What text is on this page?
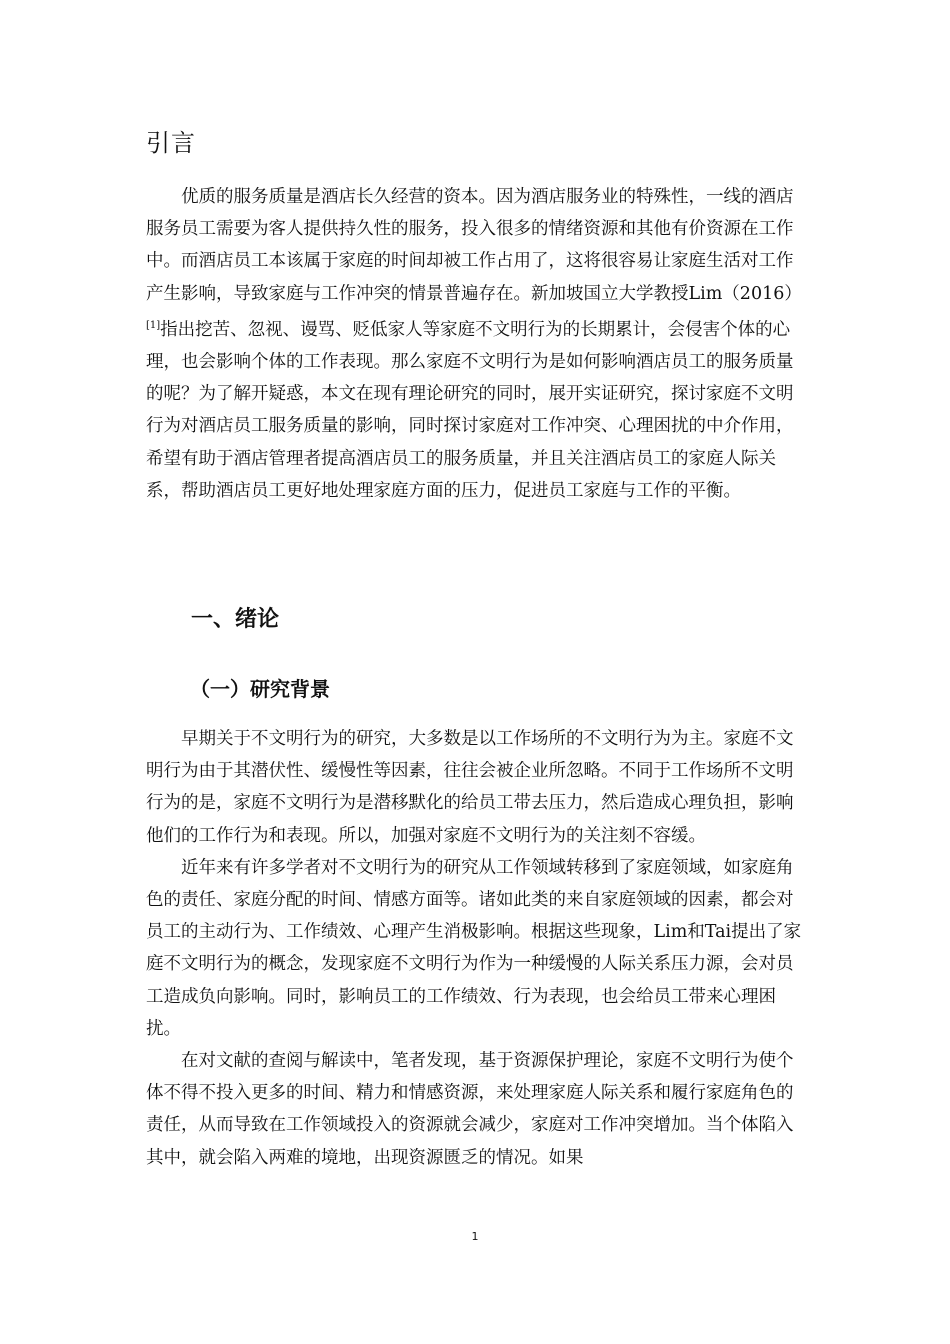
引言

优质的服务质量是酒店长久经营的资本。因为酒店服务业的特殊性，一线的酒店服务员工需要为客人提供持久性的服务，投入很多的情绪资源和其他有价资源在工作中。而酒店员工本该属于家庭的时间却被工作占用了，这将很容易让家庭生活对工作产生影响，导致家庭与工作冲突的情景普遍存在。新加坡国立大学教授Lim（2016）[1]指出挖苦、忽视、谩骂、贬低家人等家庭不文明行为的长期累计，会侵害个体的心理，也会影响个体的工作表现。那么家庭不文明行为是如何影响酒店员工的服务质量的呢？为了解开疑惑，本文在现有理论研究的同时，展开实证研究，探讨家庭不文明行为对酒店员工服务质量的影响，同时探讨家庭对工作冲突、心理困扰的中介作用，希望有助于酒店管理者提高酒店员工的服务质量，并且关注酒店员工的家庭人际关系，帮助酒店员工更好地处理家庭方面的压力，促进员工家庭与工作的平衡。

一、绪论
（一）研究背景

早期关于不文明行为的研究，大多数是以工作场所的不文明行为为主。家庭不文明行为由于其潜伏性、缓慢性等因素，往往会被企业所忽略。不同于工作场所不文明行为的是，家庭不文明行为是潜移默化的给员工带去压力，然后造成心理负担，影响他们的工作行为和表现。所以，加强对家庭不文明行为的关注刻不容缓。

近年来有许多学者对不文明行为的研究从工作领域转移到了家庭领域，如家庭角色的责任、家庭分配的时间、情感方面等。诸如此类的来自家庭领域的因素，都会对员工的主动行为、工作绩效、心理产生消极影响。根据这些现象，Lim和Tai提出了家庭不文明行为的概念，发现家庭不文明行为作为一种缓慢的人际关系压力源，会对员工造成负向影响。同时，影响员工的工作绩效、行为表现，也会给员工带来心理困扰。

在对文献的查阅与解读中，笔者发现，基于资源保护理论，家庭不文明行为使个体不得不投入更多的时间、精力和情感资源，来处理家庭人际关系和履行家庭角色的责任，从而导致在工作领域投入的资源就会减少，家庭对工作冲突增加。当个体陷入其中，就会陷入两难的境地，出现资源匮乏的情况。如果

1
